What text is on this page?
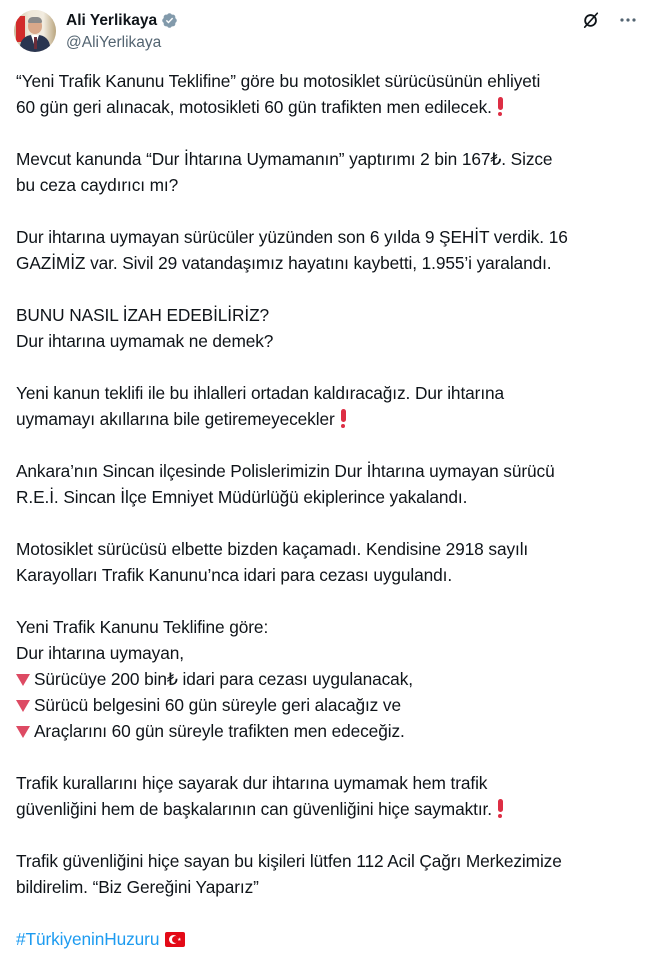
Ali Yerlikaya
@AliYerlikaya
“Yeni Trafik Kanunu Teklifine” göre bu motosiklet sürücüsünün ehliyeti
60 gün geri alınacak, motosikleti 60 gün trafikten men edilecek.
Mevcut kanunda “Dur İhtarına Uymamanın” yaptırımı 2 bin 167₺. Sizce
bu ceza caydırıcı mı?
Dur ihtarına uymayan sürücüler yüzünden son 6 yılda 9 ŞEHİT verdik. 16
GAZİMİZ var. Sivil 29 vatandaşımız hayatını kaybetti, 1.955’i yaralandı.
BUNU NASIL İZAH EDEBİLİRİZ?
Dur ihtarına uymamak ne demek?
Yeni kanun teklifi ile bu ihlalleri ortadan kaldıracağız. Dur ihtarına
uymamayı akıllarına bile getiremeyecekler
Ankara’nın Sincan ilçesinde Polislerimizin Dur İhtarına uymayan sürücü
R.E.İ. Sincan İlçe Emniyet Müdürlüğü ekiplerince yakalandı.
Motosiklet sürücüsü elbette bizden kaçamadı. Kendisine 2918 sayılı
Karayolları Trafik Kanunu’nca idari para cezası uygulandı.
Yeni Trafik Kanunu Teklifine göre:
Dur ihtarına uymayan,
Sürücüye 200 bin₺ idari para cezası uygulanacak,
Sürücü belgesini 60 gün süreyle geri alacağız ve
Araçlarını 60 gün süreyle trafikten men edeceğiz.
Trafik kurallarını hiçe sayarak dur ihtarına uymamak hem trafik
güvenliğini hem de başkalarının can güvenliğini hiçe saymaktır.
Trafik güvenliğini hiçe sayan bu kişileri lütfen 112 Acil Çağrı Merkezimize
bildirelim. “Biz Gereğini Yaparız”
#TürkiyeninHuzuru
